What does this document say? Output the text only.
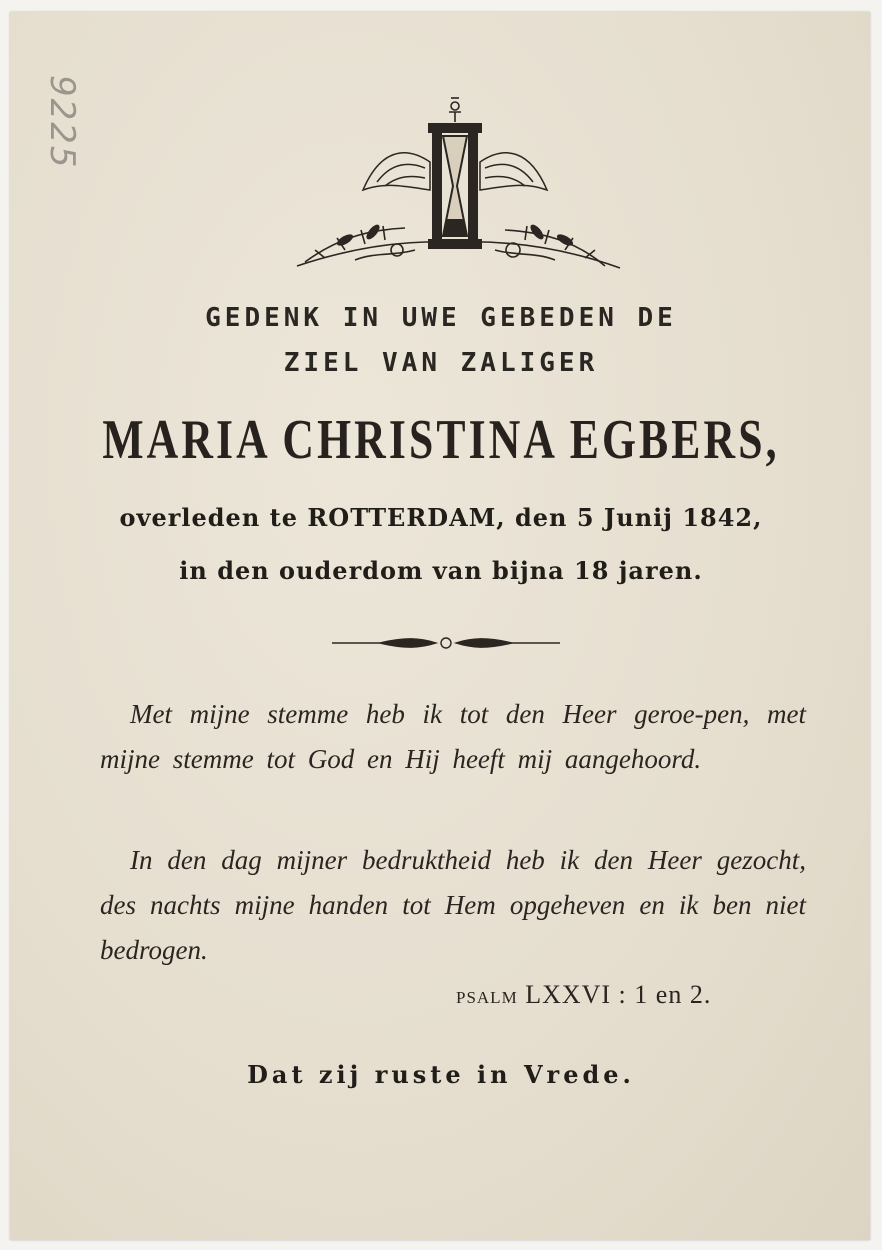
9225
GEDENK IN UWE GEBEDEN DE
ZIEL VAN ZALIGER
MARIA CHRISTINA EGBERS,
overleden te ROTTERDAM, den 5 Junij 1842,
in den ouderdom van bijna 18 jaren.
Met mijne stemme heb ik tot den Heer geroe-pen, met mijne stemme tot God en Hij heeft mij aangehoord.
In den dag mijner bedruktheid heb ik den Heer gezocht, des nachts mijne handen tot Hem opgeheven en ik ben niet bedrogen.
PSALM LXXVI : 1 en 2.
Dat zij ruste in Vrede.
